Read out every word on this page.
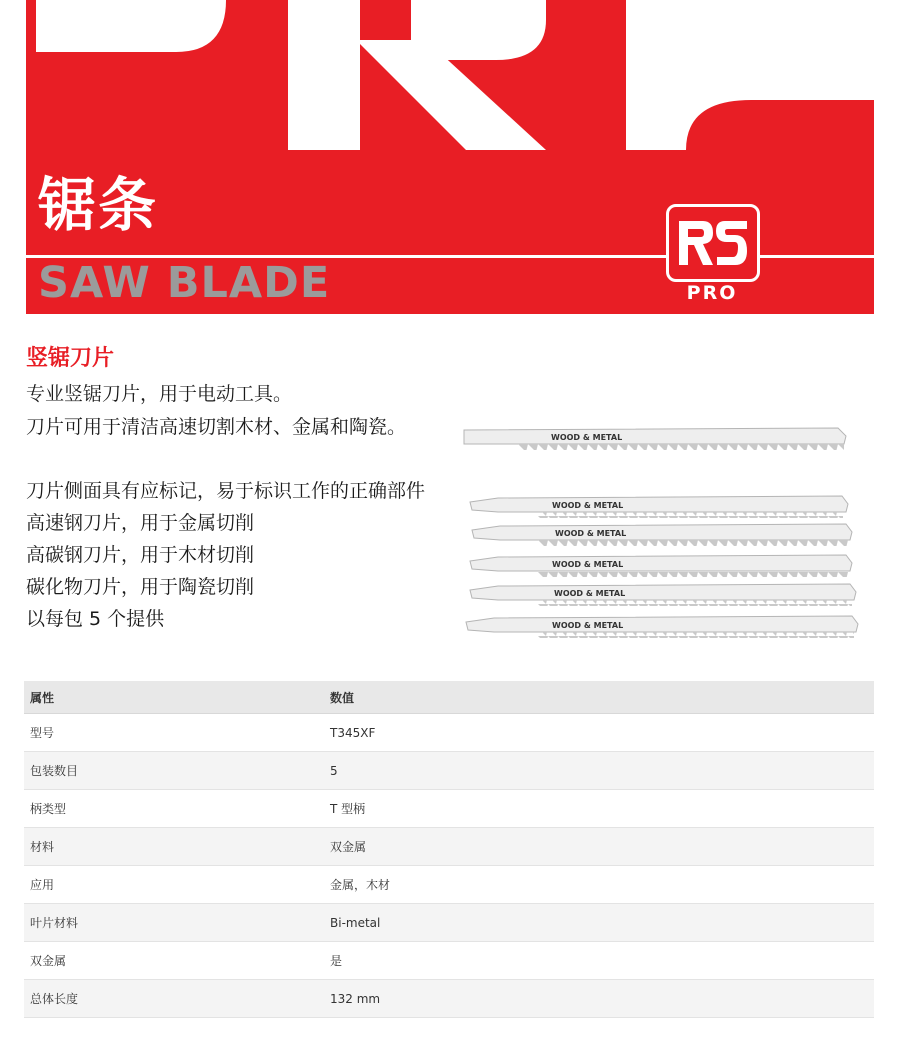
锯条
SAW BLADE	PRO
竖锯刀片
专业竖锯刀片，用于电动工具。
刀片可用于清洁高速切割木材、金属和陶瓷。
刀片侧面具有应标记，易于标识工作的正确部件
高速钢刀片，用于金属切削
高碳钢刀片，用于木材切削
碳化物刀片，用于陶瓷切削
以每包 5 个提供
WOOD & METAL
WOOD & METAL
WOOD & METAL
WOOD & METAL
WOOD & METAL
WOOD & METAL
属性	数值
型号	T345XF
包装数目	5
柄类型	T 型柄
材料	双金属
应用	金属，木材
叶片材料	Bi-metal
双金属	是
总体长度	132 mm
